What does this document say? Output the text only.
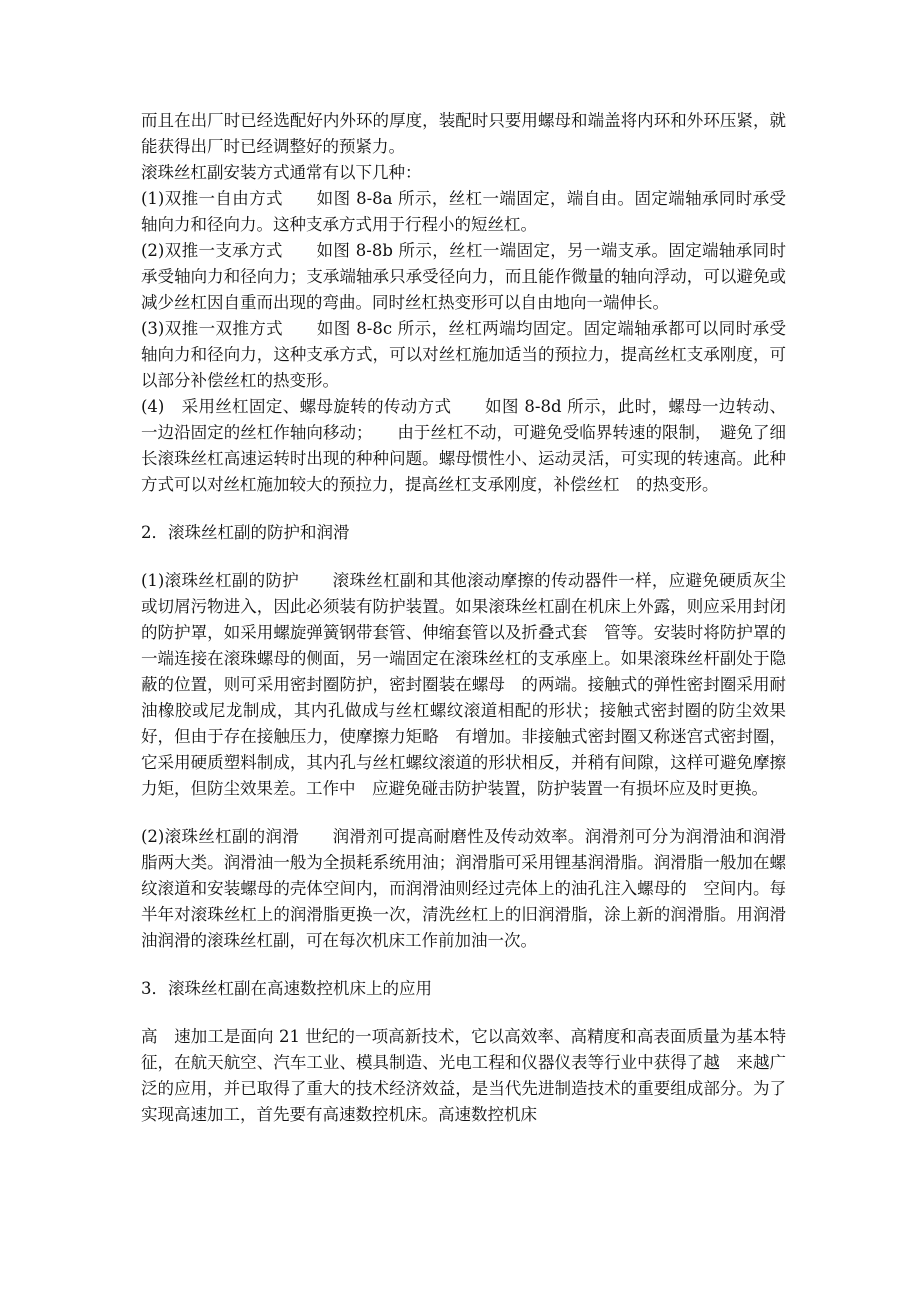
而且在出厂时已经选配好内外环的厚度，装配时只要用螺母和端盖将内环和外环压紧，就能获得出厂时已经调整好的预紧力。

滚珠丝杠副安装方式通常有以下几种：

(1)双推一自由方式　　如图 8-8a 所示，丝杠一端固定，端自由。固定端轴承同时承受轴向力和径向力。这种支承方式用于行程小的短丝杠。

(2)双推一支承方式　　如图 8-8b 所示，丝杠一端固定，另一端支承。固定端轴承同时承受轴向力和径向力；支承端轴承只承受径向力，而且能作微量的轴向浮动，可以避免或减少丝杠因自重而出现的弯曲。同时丝杠热变形可以自由地向一端伸长。

(3)双推一双推方式　　如图 8-8c 所示，丝杠两端均固定。固定端轴承都可以同时承受轴向力和径向力，这种支承方式，可以对丝杠施加适当的预拉力，提高丝杠支承刚度，可以部分补偿丝杠的热变形。

(4)　采用丝杠固定、螺母旋转的传动方式　　如图 8-8d 所示，此时，螺母一边转动、一边沿固定的丝杠作轴向移动；　　由于丝杠不动，可避免受临界转速的限制，　避免了细长滚珠丝杠高速运转时出现的种种问题。螺母惯性小、运动灵活，可实现的转速高。此种方式可以对丝杠施加较大的预拉力，提高丝杠支承刚度，补偿丝杠　的热变形。

2．滚珠丝杠副的防护和润滑

(1)滚珠丝杠副的防护　　滚珠丝杠副和其他滚动摩擦的传动器件一样，应避免硬质灰尘或切屑污物进入，因此必须装有防护装置。如果滚珠丝杠副在机床上外露，则应采用封闭的防护罩，如采用螺旋弹簧钢带套管、伸缩套管以及折叠式套　管等。安装时将防护罩的一端连接在滚珠螺母的侧面，另一端固定在滚珠丝杠的支承座上。如果滚珠丝杆副处于隐蔽的位置，则可采用密封圈防护，密封圈装在螺母　的两端。接触式的弹性密封圈采用耐油橡胶或尼龙制成，其内孔做成与丝杠螺纹滚道相配的形状；接触式密封圈的防尘效果好，但由于存在接触压力，使摩擦力矩略　有增加。非接触式密封圈又称迷宫式密封圈，它采用硬质塑料制成，其内孔与丝杠螺纹滚道的形状相反，并稍有间隙，这样可避免摩擦力矩，但防尘效果差。工作中　应避免碰击防护装置，防护装置一有损坏应及时更换。

(2)滚珠丝杠副的润滑　　润滑剂可提高耐磨性及传动效率。润滑剂可分为润滑油和润滑　脂两大类。润滑油一般为全损耗系统用油；润滑脂可采用锂基润滑脂。润滑脂一般加在螺纹滚道和安装螺母的壳体空间内，而润滑油则经过壳体上的油孔注入螺母的　空间内。每半年对滚珠丝杠上的润滑脂更换一次，清洗丝杠上的旧润滑脂，涂上新的润滑脂。用润滑油润滑的滚珠丝杠副，可在每次机床工作前加油一次。

3．滚珠丝杠副在高速数控机床上的应用

高　速加工是面向 21 世纪的一项高新技术，它以高效率、高精度和高表面质量为基本特征，在航天航空、汽车工业、模具制造、光电工程和仪器仪表等行业中获得了越　来越广泛的应用，并已取得了重大的技术经济效益，是当代先进制造技术的重要组成部分。为了实现高速加工，首先要有高速数控机床。高速数控机床
